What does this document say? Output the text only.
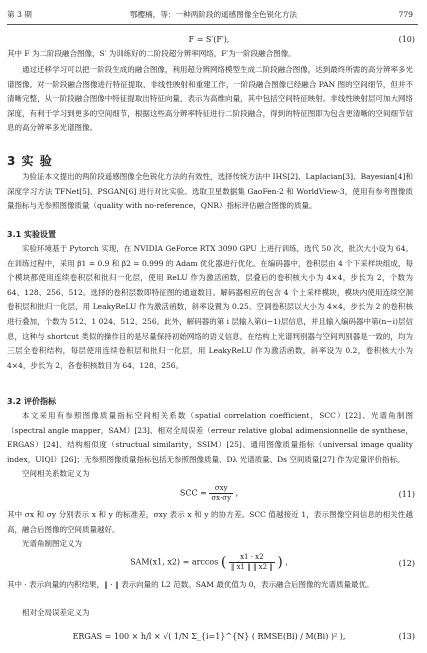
第 3 期	鄂樱楠，等：一种两阶段的遥感图像全色锐化方法	779
F = S′(F′),	(10)
其中 F 为二阶段融合图像，S′ 为训练好的二阶段超分辨率网络，F′为一阶段融合图像。
通过迁移学习可以把一阶段生成的融合图像，利用超分辨网络模型生成二阶段融合图像，达到最终所需的高分辨率多光谱图像。对一阶段融合图像进行特征提取、非线性映射和重建工作，一阶段融合图像已经融合 PAN 图的空间细节，但并不清晰完整，从一阶段融合图像中特征提取出特征向量，表示为高维向量，其中包括空间特征映射。非线性映射层可加大网络深度，有利于学习到更多的空间细节，根据这些高分辨率特征进行二阶段融合，得到的特征图即为包含更清晰的空间细节信息的高分辨率多光谱图像。
3 实 验
为验证本文提出的两阶段遥感图像全色锐化方法的有效性，选择传统方法中 IHS[2]、Laplacian[3]、Bayesian[4]和深度学习方法 TFNet[5]、PSGAN[6] 进行对比实验。选取卫星数据集 GaoFen-2 和 WorldView-3，使用有参考图像质量指标与无参照图像质量（quality with no-reference，QNR）指标评估融合图像的质量。
3.1 实验设置
实验环境基于 Pytorch 实现，在 NVIDIA GeForce RTX 3090 GPU 上进行训练，选代 50 次，批次大小设为 64。在训练过程中，采用 β1 = 0.9 和 β2 = 0.999 的 Adam 优化器进行优化。在编码器中，卷积层由 4 个下采样块组成，每个模块都使用连续卷积层和批归一化层，使用 ReLU 作为激活函数，层叠后的卷积核大小为 4×4，步长为 2，个数为 64、128、256、512。选择的卷积层数即特征图的通道数目。解码器相应的包含 4 个上采样模块，模块内使用连续空洞卷积层和批归一化层，用 LeakyReLU 作为激活函数，斜率设置为 0.25。空洞卷积层以大小为 4×4，步长为 2 的卷积核进行叠加，个数为 512、1 024、512、256。此外，解码器的第 i 层输入第(i−1)层信息，并且输入编码器中第(n−i)层信息，这种与 shortcut 类似的操作目的是尽量保持初始网络的语义信息。在结构上光谱判别器与空间判别器是一致的，均为三层全卷积结构，每层使用连续卷积层和批归一化层，用 LeakyReLU 作为激活函数，斜率设为 0.2，卷积核大小为 4×4，步长为 2，各卷积核数目为 64、128、256。
3.2 评价指标
本文采用有参照图像质量指标空间相关系数（spatial correlation coefficient，SCC）[22]、光谱角制图（spectral angle mapper，SAM）[23]、相对全局误差（erreur relative global adimensionnelle de synthese，ERGAS）[24]、结构相似度（structual similarity，SSIM）[25]、通用图像质量指标（universal image quality index，UIQI）[26]；无参照图像质量指标包括无参照图像质量、Dλ 光谱质量、Ds 空间质量[27] 作为定量评价指标。
空间相关系数定义为
SCC = $\frac{\text{σxy}}{\sigma x\cdot\sigma y}$ ,	(11)
其中 σx 和 σy 分别表示 x 和 y 的标准差，σxy 表示 x 和 y 的协方差。SCC 值越接近 1，表示图像空间信息的相关性越高，融合后图像的空间质量越好。
光谱角制图定义为
SAM(x1, x2) = arccos ( $\frac{x1 \cdot x2}{‖ x1 ‖ ‖ x2 ‖}$ ) ,	(12)
其中 · 表示向量的内积结果，‖ · ‖ 表示向量的 L2 范数。SAM 最优值为 0，表示融合后图像的光谱质量最优。
相对全局误差定义为
ERGAS = 100 × h/l × √( 1/N Σ_{i=1}^{N} ( RMSE(Bi) / M(Bi) )² ),	(13)
